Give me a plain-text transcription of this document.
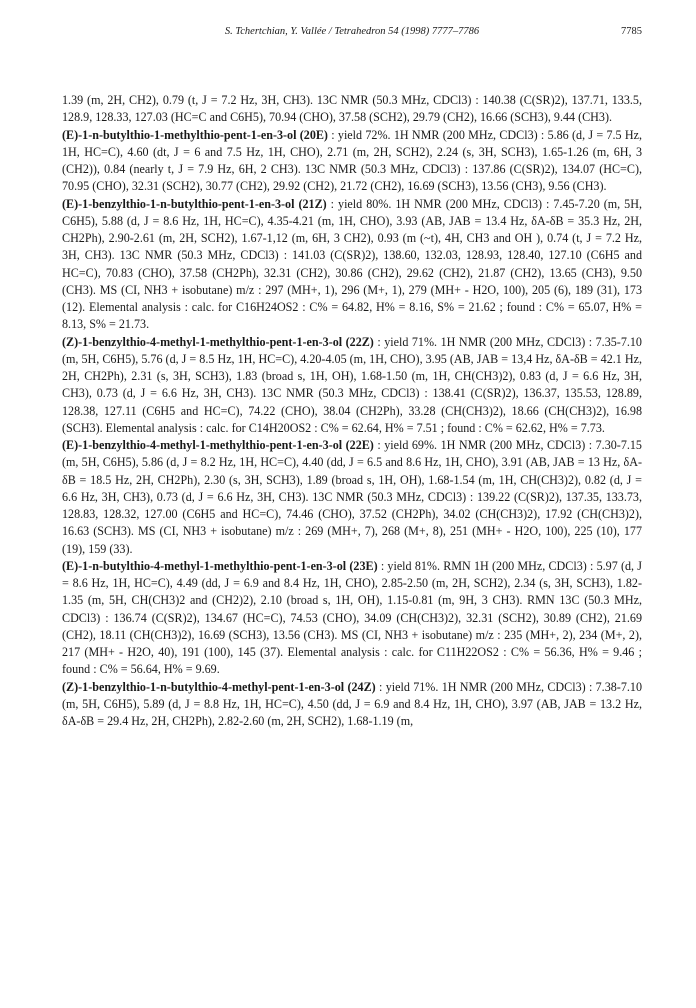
S. Tchertchian, Y. Vallée / Tetrahedron 54 (1998) 7777–7786	7785

1.39 (m, 2H, CH2), 0.79 (t, J = 7.2 Hz, 3H, CH3). 13C NMR (50.3 MHz, CDCl3) : 140.38 (C(SR)2), 137.71, 133.5, 128.9, 128.33, 127.03 (HC=C and C6H5), 70.94 (CHO), 37.58 (SCH2), 29.79 (CH2), 16.66 (SCH3), 9.44 (CH3).

(E)-1-n-butylthio-1-methylthio-pent-1-en-3-ol (20E) : yield 72%. 1H NMR (200 MHz, CDCl3) : 5.86 (d, J = 7.5 Hz, 1H, HC=C), 4.60 (dt, J = 6 and 7.5 Hz, 1H, CHO), 2.71 (m, 2H, SCH2), 2.24 (s, 3H, SCH3), 1.65-1.26 (m, 6H, 3 (CH2)), 0.84 (nearly t, J = 7.9 Hz, 6H, 2 CH3). 13C NMR (50.3 MHz, CDCl3) : 137.86 (C(SR)2), 134.07 (HC=C), 70.95 (CHO), 32.31 (SCH2), 30.77 (CH2), 29.92 (CH2), 21.72 (CH2), 16.69 (SCH3), 13.56 (CH3), 9.56 (CH3).

(E)-1-benzylthio-1-n-butylthio-pent-1-en-3-ol (21Z) : yield 80%. 1H NMR (200 MHz, CDCl3) : 7.45-7.20 (m, 5H, C6H5), 5.88 (d, J = 8.6 Hz, 1H, HC=C), 4.35-4.21 (m, 1H, CHO), 3.93 (AB, JAB = 13.4 Hz, δA-δB = 35.3 Hz, 2H, CH2Ph), 2.90-2.61 (m, 2H, SCH2), 1.67-1,12 (m, 6H, 3 CH2), 0.93 (m (~t), 4H, CH3 and OH ), 0.74 (t, J = 7.2 Hz, 3H, CH3). 13C NMR (50.3 MHz, CDCl3) : 141.03 (C(SR)2), 138.60, 132.03, 128.93, 128.40, 127.10 (C6H5 and HC=C), 70.83 (CHO), 37.58 (CH2Ph), 32.31 (CH2), 30.86 (CH2), 29.62 (CH2), 21.87 (CH2), 13.65 (CH3), 9.50 (CH3). MS (CI, NH3 + isobutane) m/z : 297 (MH+, 1), 296 (M+, 1), 279 (MH+ - H2O, 100), 205 (6), 189 (31), 173 (12). Elemental analysis : calc. for C16H24OS2 : C% = 64.82, H% = 8.16, S% = 21.62 ; found : C% = 65.07, H% = 8.13, S% = 21.73.

(Z)-1-benzylthio-4-methyl-1-methylthio-pent-1-en-3-ol (22Z) : yield 71%. 1H NMR (200 MHz, CDCl3) : 7.35-7.10 (m, 5H, C6H5), 5.76 (d, J = 8.5 Hz, 1H, HC=C), 4.20-4.05 (m, 1H, CHO), 3.95 (AB, JAB = 13,4 Hz, δA-δB = 42.1 Hz, 2H, CH2Ph), 2.31 (s, 3H, SCH3), 1.83 (broad s, 1H, OH), 1.68-1.50 (m, 1H, CH(CH3)2), 0.83 (d, J = 6.6 Hz, 3H, CH3), 0.73 (d, J = 6.6 Hz, 3H, CH3). 13C NMR (50.3 MHz, CDCl3) : 138.41 (C(SR)2), 136.37, 135.53, 128.89, 128.38, 127.11 (C6H5 and HC=C), 74.22 (CHO), 38.04 (CH2Ph), 33.28 (CH(CH3)2), 18.66 (CH(CH3)2), 16.98 (SCH3). Elemental analysis : calc. for C14H20OS2 : C% = 62.64, H% = 7.51 ; found : C% = 62.62, H% = 7.73.

(E)-1-benzylthio-4-methyl-1-methylthio-pent-1-en-3-ol (22E) : yield 69%. 1H NMR (200 MHz, CDCl3) : 7.30-7.15 (m, 5H, C6H5), 5.86 (d, J = 8.2 Hz, 1H, HC=C), 4.40 (dd, J = 6.5 and 8.6 Hz, 1H, CHO), 3.91 (AB, JAB = 13 Hz, δA-δB = 18.5 Hz, 2H, CH2Ph), 2.30 (s, 3H, SCH3), 1.89 (broad s, 1H, OH), 1.68-1.54 (m, 1H, CH(CH3)2), 0.82 (d, J = 6.6 Hz, 3H, CH3), 0.73 (d, J = 6.6 Hz, 3H, CH3). 13C NMR (50.3 MHz, CDCl3) : 139.22 (C(SR)2), 137.35, 133.73, 128.83, 128.32, 127.00 (C6H5 and HC=C), 74.46 (CHO), 37.52 (CH2Ph), 34.02 (CH(CH3)2), 17.92 (CH(CH3)2), 16.63 (SCH3). MS (CI, NH3 + isobutane) m/z : 269 (MH+, 7), 268 (M+, 8), 251 (MH+ - H2O, 100), 225 (10), 177 (19), 159 (33).

(E)-1-n-butylthio-4-methyl-1-methylthio-pent-1-en-3-ol (23E) : yield 81%. RMN 1H (200 MHz, CDCl3) : 5.97 (d, J = 8.6 Hz, 1H, HC=C), 4.49 (dd, J = 6.9 and 8.4 Hz, 1H, CHO), 2.85-2.50 (m, 2H, SCH2), 2.34 (s, 3H, SCH3), 1.82-1.35 (m, 5H, CH(CH3)2 and (CH2)2), 2.10 (broad s, 1H, OH), 1.15-0.81 (m, 9H, 3 CH3). RMN 13C (50.3 MHz, CDCl3) : 136.74 (C(SR)2), 134.67 (HC=C), 74.53 (CHO), 34.09 (CH(CH3)2), 32.31 (SCH2), 30.89 (CH2), 21.69 (CH2), 18.11 (CH(CH3)2), 16.69 (SCH3), 13.56 (CH3). MS (CI, NH3 + isobutane) m/z : 235 (MH+, 2), 234 (M+, 2), 217 (MH+ - H2O, 40), 191 (100), 145 (37). Elemental analysis : calc. for C11H22OS2 : C% = 56.36, H% = 9.46 ; found : C% = 56.64, H% = 9.69.

(Z)-1-benzylthio-1-n-butylthio-4-methyl-pent-1-en-3-ol (24Z) : yield 71%. 1H NMR (200 MHz, CDCl3) : 7.38-7.10 (m, 5H, C6H5), 5.89 (d, J = 8.8 Hz, 1H, HC=C), 4.50 (dd, J = 6.9 and 8.4 Hz, 1H, CHO), 3.97 (AB, JAB = 13.2 Hz, δA-δB = 29.4 Hz, 2H, CH2Ph), 2.82-2.60 (m, 2H, SCH2), 1.68-1.19 (m,
